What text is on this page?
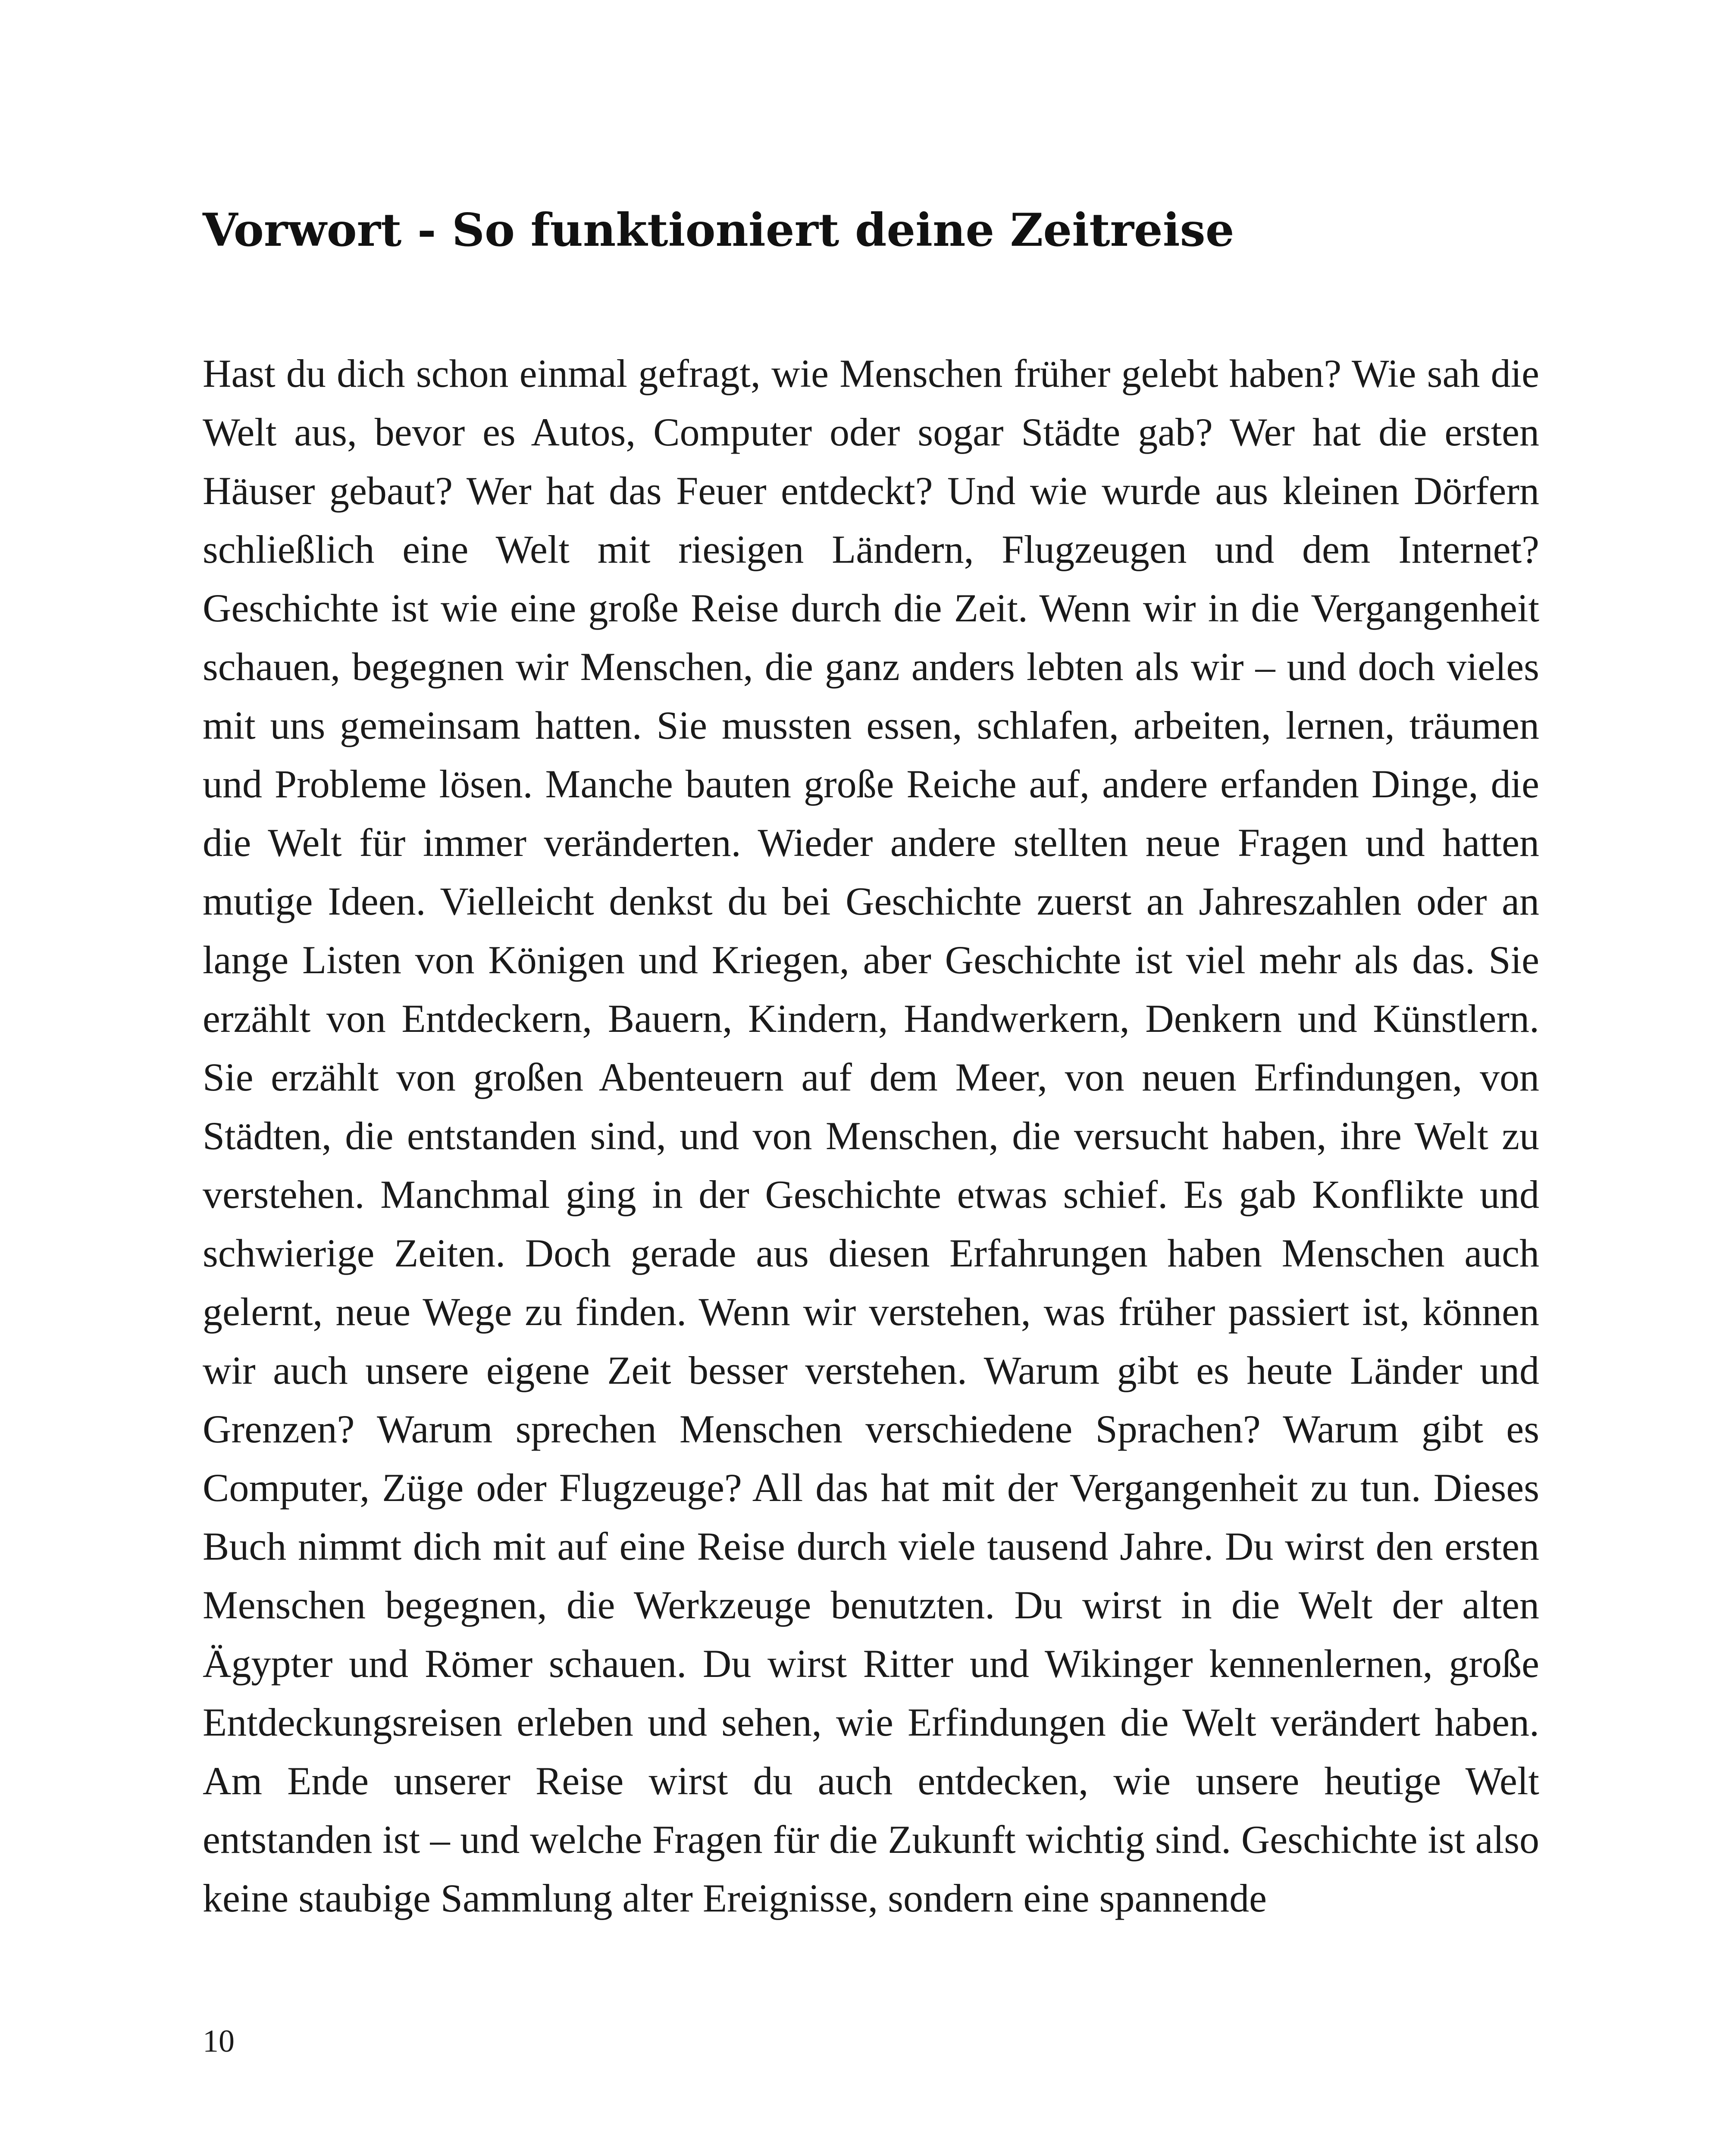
Vorwort - So funktioniert deine Zeitreise

Hast du dich schon einmal gefragt, wie Menschen früher gelebt haben? Wie sah die Welt aus, bevor es Autos, Computer oder sogar Städte gab? Wer hat die ersten Häuser gebaut? Wer hat das Feuer entdeckt? Und wie wurde aus kleinen Dörfern schließlich eine Welt mit riesigen Ländern, Flugzeugen und dem Internet? Geschichte ist wie eine große Reise durch die Zeit. Wenn wir in die Vergangenheit schauen, begegnen wir Menschen, die ganz anders lebten als wir – und doch vieles mit uns gemeinsam hatten. Sie mussten essen, schlafen, arbeiten, lernen, träumen und Probleme lösen. Manche bauten große Reiche auf, andere erfanden Dinge, die die Welt für immer veränderten. Wieder andere stellten neue Fragen und hatten mutige Ideen. Vielleicht denkst du bei Geschichte zuerst an Jahreszahlen oder an lange Listen von Königen und Kriegen, aber Geschichte ist viel mehr als das. Sie erzählt von Entdeckern, Bauern, Kindern, Handwerkern, Denkern und Künstlern. Sie erzählt von großen Abenteuern auf dem Meer, von neuen Erfindungen, von Städten, die entstanden sind, und von Menschen, die versucht haben, ihre Welt zu verstehen. Manchmal ging in der Geschichte etwas schief. Es gab Konflikte und schwierige Zeiten. Doch gerade aus diesen Erfahrungen haben Menschen auch gelernt, neue Wege zu finden. Wenn wir verstehen, was früher passiert ist, können wir auch unsere eigene Zeit besser verstehen. Warum gibt es heute Länder und Grenzen? Warum sprechen Menschen verschiedene Sprachen? Warum gibt es Computer, Züge oder Flugzeuge? All das hat mit der Vergangenheit zu tun. Dieses Buch nimmt dich mit auf eine Reise durch viele tausend Jahre. Du wirst den ersten Menschen begegnen, die Werkzeuge benutzten. Du wirst in die Welt der alten Ägypter und Römer schauen. Du wirst Ritter und Wikinger kennenlernen, große Entdeckungsreisen erleben und sehen, wie Erfindungen die Welt verändert haben. Am Ende unserer Reise wirst du auch entdecken, wie unsere heutige Welt entstanden ist – und welche Fragen für die Zukunft wichtig sind. Geschichte ist also keine staubige Sammlung alter Ereignisse, sondern eine spannende

10
